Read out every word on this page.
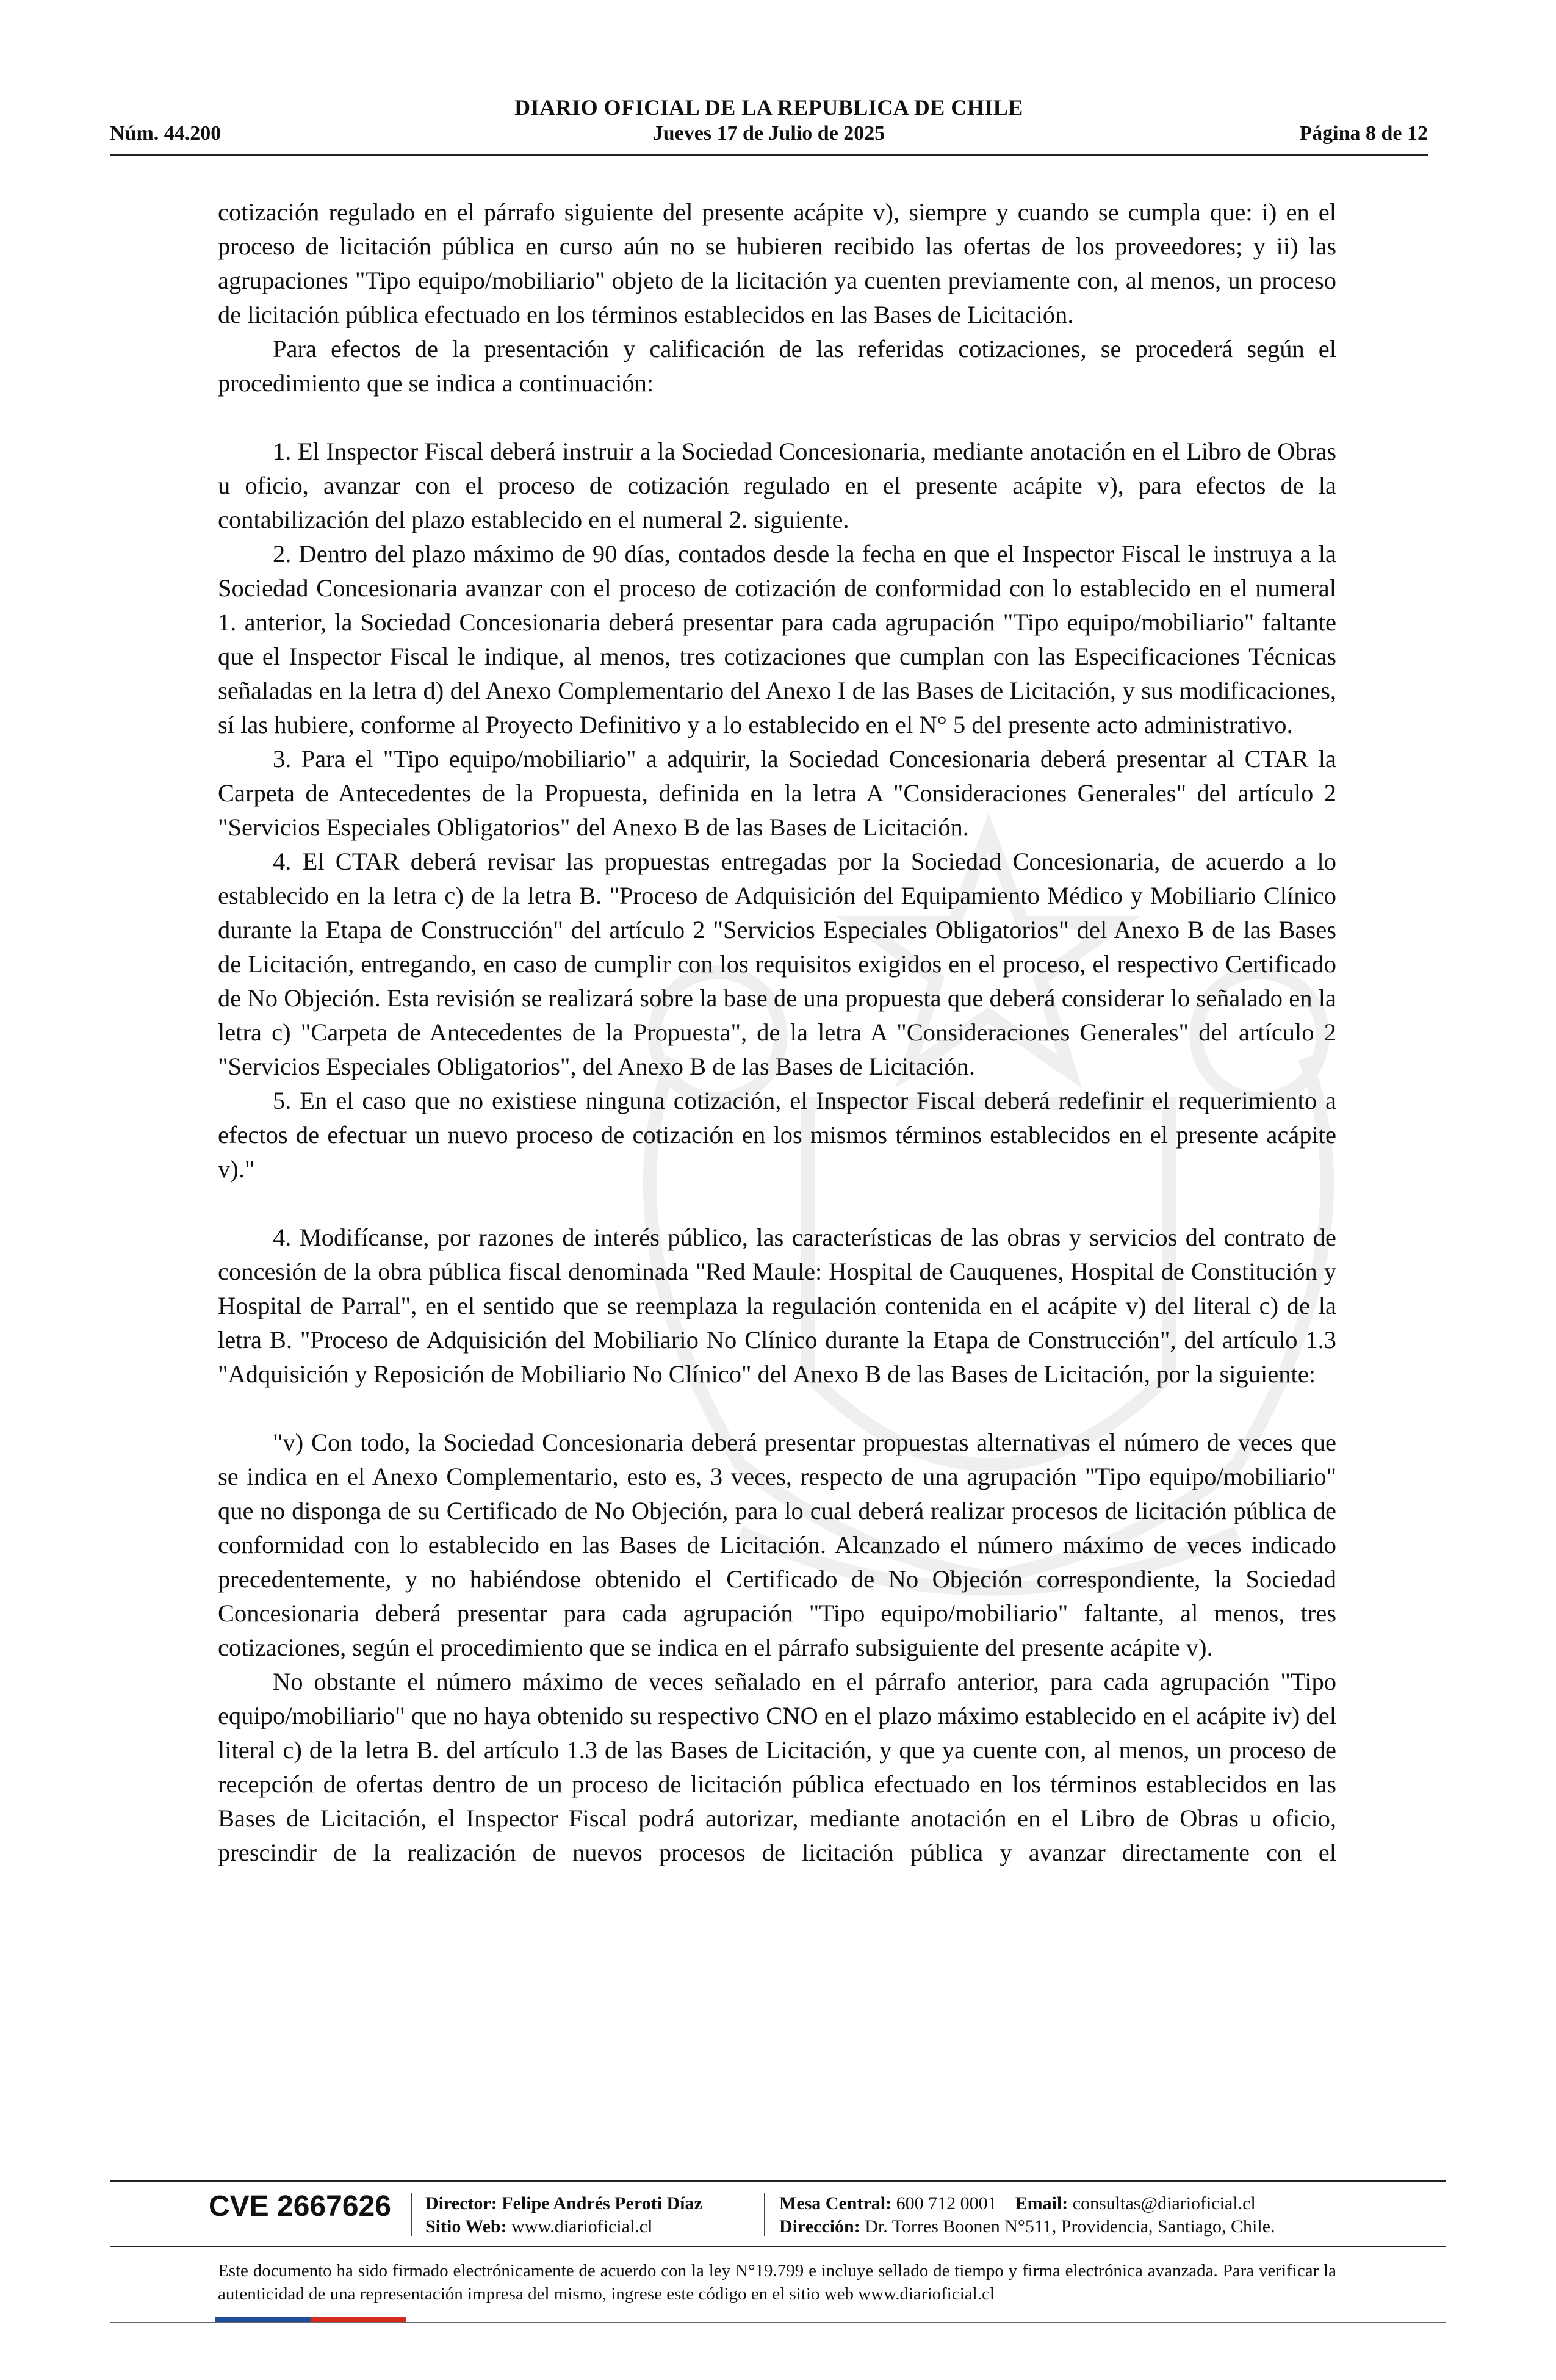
DIARIO OFICIAL DE LA REPUBLICA DE CHILE
Núm. 44.200	Jueves 17 de Julio de 2025	Página 8 de 12

cotización regulado en el párrafo siguiente del presente acápite v), siempre y cuando se cumpla que: i) en el proceso de licitación pública en curso aún no se hubieren recibido las ofertas de los proveedores; y ii) las agrupaciones "Tipo equipo/mobiliario" objeto de la licitación ya cuenten previamente con, al menos, un proceso de licitación pública efectuado en los términos establecidos en las Bases de Licitación.

Para efectos de la presentación y calificación de las referidas cotizaciones, se procederá según el procedimiento que se indica a continuación:

1. El Inspector Fiscal deberá instruir a la Sociedad Concesionaria, mediante anotación en el Libro de Obras u oficio, avanzar con el proceso de cotización regulado en el presente acápite v), para efectos de la contabilización del plazo establecido en el numeral 2. siguiente.

2. Dentro del plazo máximo de 90 días, contados desde la fecha en que el Inspector Fiscal le instruya a la Sociedad Concesionaria avanzar con el proceso de cotización de conformidad con lo establecido en el numeral 1. anterior, la Sociedad Concesionaria deberá presentar para cada agrupación "Tipo equipo/mobiliario" faltante que el Inspector Fiscal le indique, al menos, tres cotizaciones que cumplan con las Especificaciones Técnicas señaladas en la letra d) del Anexo Complementario del Anexo I de las Bases de Licitación, y sus modificaciones, sí las hubiere, conforme al Proyecto Definitivo y a lo establecido en el N° 5 del presente acto administrativo.

3. Para el "Tipo equipo/mobiliario" a adquirir, la Sociedad Concesionaria deberá presentar al CTAR la Carpeta de Antecedentes de la Propuesta, definida en la letra A "Consideraciones Generales" del artículo 2 "Servicios Especiales Obligatorios" del Anexo B de las Bases de Licitación.

4. El CTAR deberá revisar las propuestas entregadas por la Sociedad Concesionaria, de acuerdo a lo establecido en la letra c) de la letra B. "Proceso de Adquisición del Equipamiento Médico y Mobiliario Clínico durante la Etapa de Construcción" del artículo 2 "Servicios Especiales Obligatorios" del Anexo B de las Bases de Licitación, entregando, en caso de cumplir con los requisitos exigidos en el proceso, el respectivo Certificado de No Objeción. Esta revisión se realizará sobre la base de una propuesta que deberá considerar lo señalado en la letra c) "Carpeta de Antecedentes de la Propuesta", de la letra A "Consideraciones Generales" del artículo 2 "Servicios Especiales Obligatorios", del Anexo B de las Bases de Licitación.

5. En el caso que no existiese ninguna cotización, el Inspector Fiscal deberá redefinir el requerimiento a efectos de efectuar un nuevo proceso de cotización en los mismos términos establecidos en el presente acápite v)."

4. Modifícanse, por razones de interés público, las características de las obras y servicios del contrato de concesión de la obra pública fiscal denominada "Red Maule: Hospital de Cauquenes, Hospital de Constitución y Hospital de Parral", en el sentido que se reemplaza la regulación contenida en el acápite v) del literal c) de la letra B. "Proceso de Adquisición del Mobiliario No Clínico durante la Etapa de Construcción", del artículo 1.3 "Adquisición y Reposición de Mobiliario No Clínico" del Anexo B de las Bases de Licitación, por la siguiente:

"v) Con todo, la Sociedad Concesionaria deberá presentar propuestas alternativas el número de veces que se indica en el Anexo Complementario, esto es, 3 veces, respecto de una agrupación "Tipo equipo/mobiliario" que no disponga de su Certificado de No Objeción, para lo cual deberá realizar procesos de licitación pública de conformidad con lo establecido en las Bases de Licitación. Alcanzado el número máximo de veces indicado precedentemente, y no habiéndose obtenido el Certificado de No Objeción correspondiente, la Sociedad Concesionaria deberá presentar para cada agrupación "Tipo equipo/mobiliario" faltante, al menos, tres cotizaciones, según el procedimiento que se indica en el párrafo subsiguiente del presente acápite v).

No obstante el número máximo de veces señalado en el párrafo anterior, para cada agrupación "Tipo equipo/mobiliario" que no haya obtenido su respectivo CNO en el plazo máximo establecido en el acápite iv) del literal c) de la letra B. del artículo 1.3 de las Bases de Licitación, y que ya cuente con, al menos, un proceso de recepción de ofertas dentro de un proceso de licitación pública efectuado en los términos establecidos en las Bases de Licitación, el Inspector Fiscal podrá autorizar, mediante anotación en el Libro de Obras u oficio, prescindir de la realización de nuevos procesos de licitación pública y avanzar directamente con el

CVE 2667626 Director: Felipe Andrés Peroti Díaz
Sitio Web: www.diarioficial.cl
Mesa Central: 600 712 0001 Email: consultas@diarioficial.cl
Dirección: Dr. Torres Boonen N°511, Providencia, Santiago, Chile.
Este documento ha sido firmado electrónicamente de acuerdo con la ley N°19.799 e incluye sellado de tiempo y firma electrónica avanzada. Para verificar la autenticidad de una representación impresa del mismo, ingrese este código en el sitio web www.diarioficial.cl
